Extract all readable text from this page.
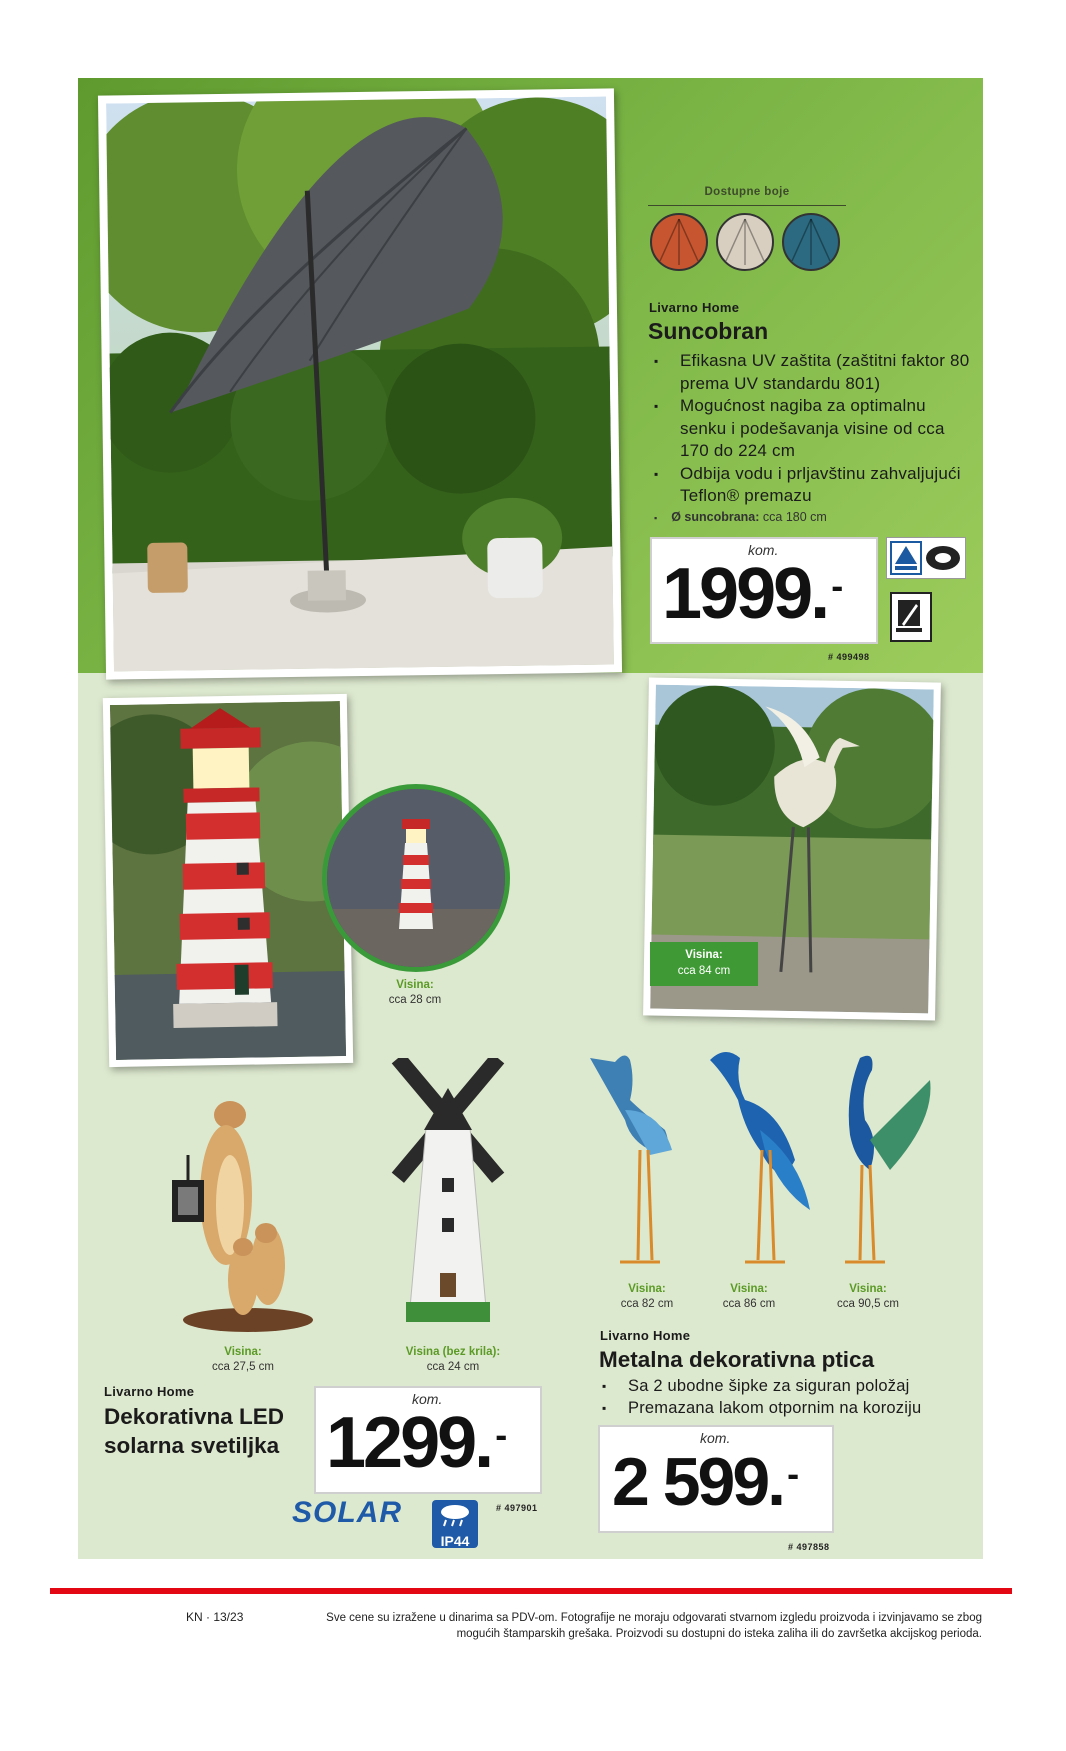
Dostupne boje
Livarno Home
Suncobran
▪ Efikasna UV zaštita (zaštitni faktor 80 prema UV standardu 801)
▪ Mogućnost nagiba za optimalnu senku i podešavanja visine od cca 170 do 224 cm
▪ Odbija vodu i prljavštinu zahvaljujući Teflon® premazu
▪ Ø suncobrana: cca 180 cm
kom.
1999. -
# 499498
Visina:
cca 28 cm
Visina:
cca 84 cm
Visina:
cca 27,5 cm
Visina (bez krila):
cca 24 cm
Livarno Home
Dekorativna LED
solarna svetiljka
kom.
1299. -
SOLAR
IP44
# 497901
Visina:
cca 82 cm
Visina:
cca 86 cm
Visina:
cca 90,5 cm
Livarno Home
Metalna dekorativna ptica
▪ Sa 2 ubodne šipke za siguran položaj
▪ Premazana lakom otpornim na koroziju
kom.
2 599. -
# 497858
KN · 13/23	Sve cene su izražene u dinarima sa PDV-om. Fotografije ne moraju odgovarati stvarnom izgledu proizvoda i izvinjavamo se zbog
mogućih štamparskih grešaka. Proizvodi su dostupni do isteka zaliha ili do završetka akcijskog perioda.
